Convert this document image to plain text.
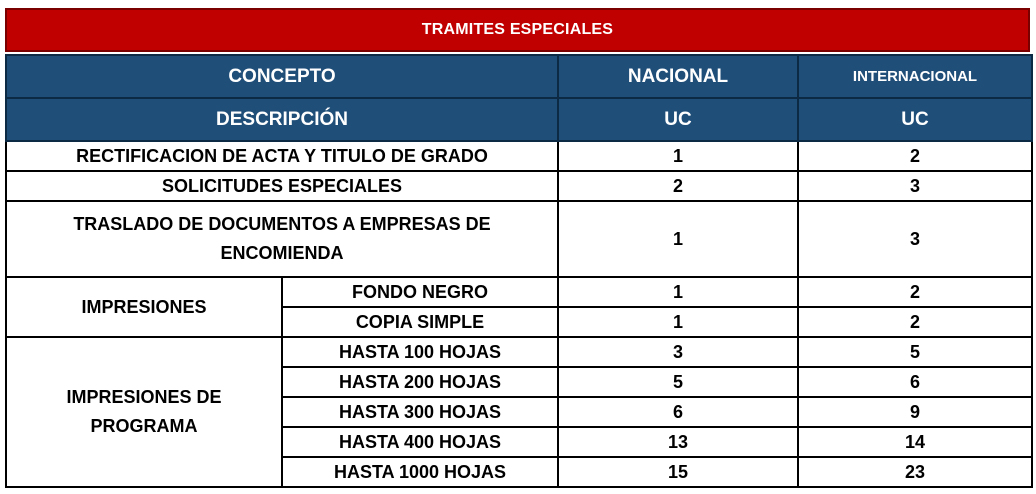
TRAMITES ESPECIALES
CONCEPTO		NACIONAL	INTERNACIONAL
DESCRIPCIÓN		UC	UC
RECTIFICACION DE ACTA Y TITULO DE GRADO		1	2
SOLICITUDES ESPECIALES		2	3
TRASLADO DE DOCUMENTOS A EMPRESAS DE ENCOMIENDA		1	3
IMPRESIONES	FONDO NEGRO	1	2
	COPIA SIMPLE	1	2
IMPRESIONES DE PROGRAMA	HASTA 100 HOJAS	3	5
	HASTA 200 HOJAS	5	6
	HASTA 300 HOJAS	6	9
	HASTA 400 HOJAS	13	14
	HASTA 1000 HOJAS	15	23
